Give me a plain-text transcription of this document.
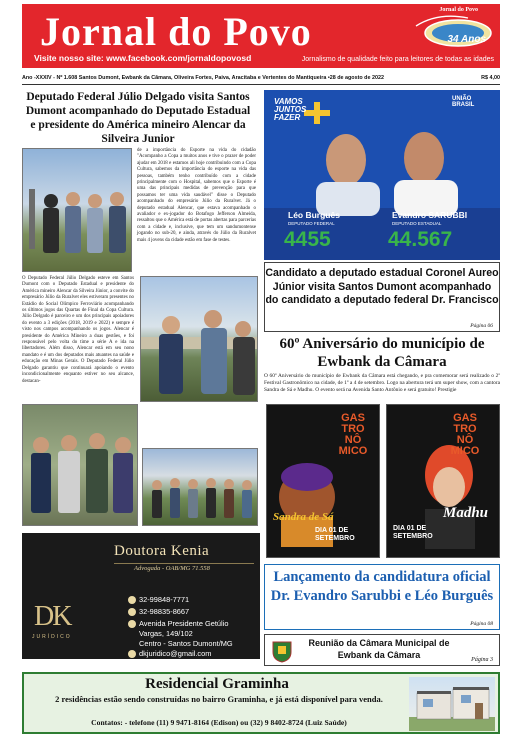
Jornal do Povo	Jornal do Povo
34 Anos
Visite nosso site: www.facebook.com/jornaldopovosd	Jornalismo de qualidade feito para leitores de todas as idades
Ano -XXXIV - Nº 1.608 Santos Dumont, Ewbank da Câmara, Oliveira Fortes, Paiva, Aracitaba e Vertentes do Mantiqueira •28 de agosto de 2022	R$ 4,00
Deputado Federal Júlio Delgado visita Santos Dumont acompanhado do Deputado Estadual e presidente do América mineiro Alencar da Silveira Junior
de a importância do Esporte na vida do cidadão "Acompanho a Copa a muitos anos e tive o prazer de poder ajudar em 2018 e estamos ali hoje contribuindo com a Copa Cultura, sabemos da importância do esporte na vida das pessoas, também tenho contribuído com a cidade principalmente com o Hospital, sabemos que o Esporte é uma das principais medidas de prevenção para que possamos ter uma vida saudável" disse o Deputado acompanhado do empresário Júlio da Ruralvet. Já o deputado estadual Alencar, que estava acompanhado o avaliador e ex-jogador do Botafogo Jefferson Almeida, ressaltou que o América está de portas abertas para parcerias com a cidade e, inclusive, que tem um sandumontense jogando no sub-20, e ainda, através do Júlio da Ruralvet mais 4 jovens da cidade estão em fase de testes.
O Deputado Federal Júlio Delgado esteve em Santos Dumont com o Deputado Estadual e presidente do América mineiro Alencar da Silveira Júnior, a convite do empresário Júlio da Ruralvet eles estiveram presentes no Estádio do Social Olímpico Ferroviário acompanhando os últimos jogos das Quartas de Final da Copa Cultura. Júlio Delgado é parceiro e um dos principais apoiadores do evento a 3 edições (2018, 2019 e 2022) e sempre é visto nos campos acompanhando os jogos. Alencar é presidente do América Mineiro a duas gestões, e foi responsável pelo volta do time a série A e ida na libertadores. Além disso, Alencar está em seu nono mandato e é um dos deputados mais atuantes na saúde e educação em Minas Gerais. O Deputado Federal Júlio Delgado garantiu que continuará apoiando o evento incondicionalmente enquanto estiver no seu alcance, destacan-
Doutora Kenia
Advogada - OAB/MG 71.558
DK
JURÍDICO
32-99848-7771
32-98835-8667
Avenida Presidente Getúlio
Vargas, 149/102
Centro - Santos Dumont/MG
dkjuridico@gmail.com
VAMOS JUNTOS FAZER
UNIÃO BRASIL
Léo Burguês
DEPUTADO FEDERAL
4455
Evandro SARUBBI
DEPUTADO ESTADUAL
44.567
Candidato a deputado estadual Coronel Aureo Júnior visita Santos Dumont acompanhado do candidato a deputado federal Dr. Francisco
Página 06
60º Aniversário do município de Ewbank da Câmara
O 60º Aniversário do município de Ewbank da Câmara está chegando, e pra comemorar será realizado o 2º Festival Gastronômico na cidade, de 1º a 4 de setembro. Logo na abertura terá um super show, com a cantora Sandra de Sá e Madhu. O evento será na Avenida Santo Antônio e será gratuito! Prestigie
GAS
TRO
NÔ
MICO
Sandra de Sá
DIA 01 DE SETEMBRO
GAS
TRO
NÔ
MICO
Madhu
DIA 01 DE SETEMBRO
Lançamento da candidatura oficial Dr. Evandro Sarubbi e Léo Burguês
Página 08
Reunião da Câmara Municipal de Ewbank da Câmara
Página 3
Residencial Graminha
2 residências estão sendo construídas no bairro Graminha, e já está disponível para venda.
Contatos: - telefone (11) 9 9471-8164 (Edison) ou (32) 9 8402-8724 (Luiz Saúde)
